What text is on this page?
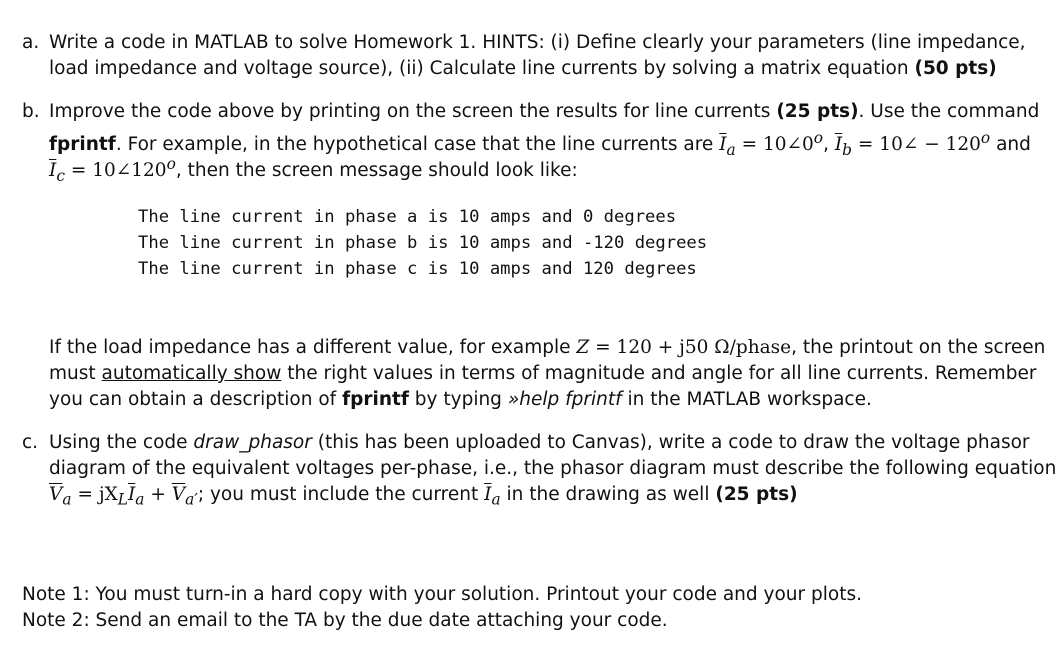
a. Write a code in MATLAB to solve Homework 1. HINTS: (i) Define clearly your parameters (line impedance,
load impedance and voltage source), (ii) Calculate line currents by solving a matrix equation (50 pts)
b. Improve the code above by printing on the screen the results for line currents (25 pts). Use the command
fprintf. For example, in the hypothetical case that the line currents are $\overline{I}_a$ = $10\angle 0^o$, $\overline{I}_b$ = 10∠ − $120^o$ and
$\overline{I}_c$ = $10\angle 120^o$, then the screen message should look like:
The line current in phase a is 10 amps and 0 degrees
The line current in phase b is 10 amps and -120 degrees
The line current in phase c is 10 amps and 120 degrees
If the load impedance has a different value, for example Z = 120 + j50 Ω/phase, the printout on the screen
must automatically show the right values in terms of magnitude and angle for all line currents. Remember
you can obtain a description of fprintf by typing »help fprintf in the MATLAB workspace.
c. Using the code draw_phasor (this has been uploaded to Canvas), write a code to draw the voltage phasor
diagram of the equivalent voltages per-phase, i.e., the phasor diagram must describe the following equation
$\overline{V}_a = jX_L\overline{I}_a + \overline{V}_{a'}$; you must include the current $\overline{I}_a$ in the drawing as well (25 pts)
Note 1: You must turn-in a hard copy with your solution. Printout your code and your plots.
Note 2: Send an email to the TA by the due date attaching your code.
